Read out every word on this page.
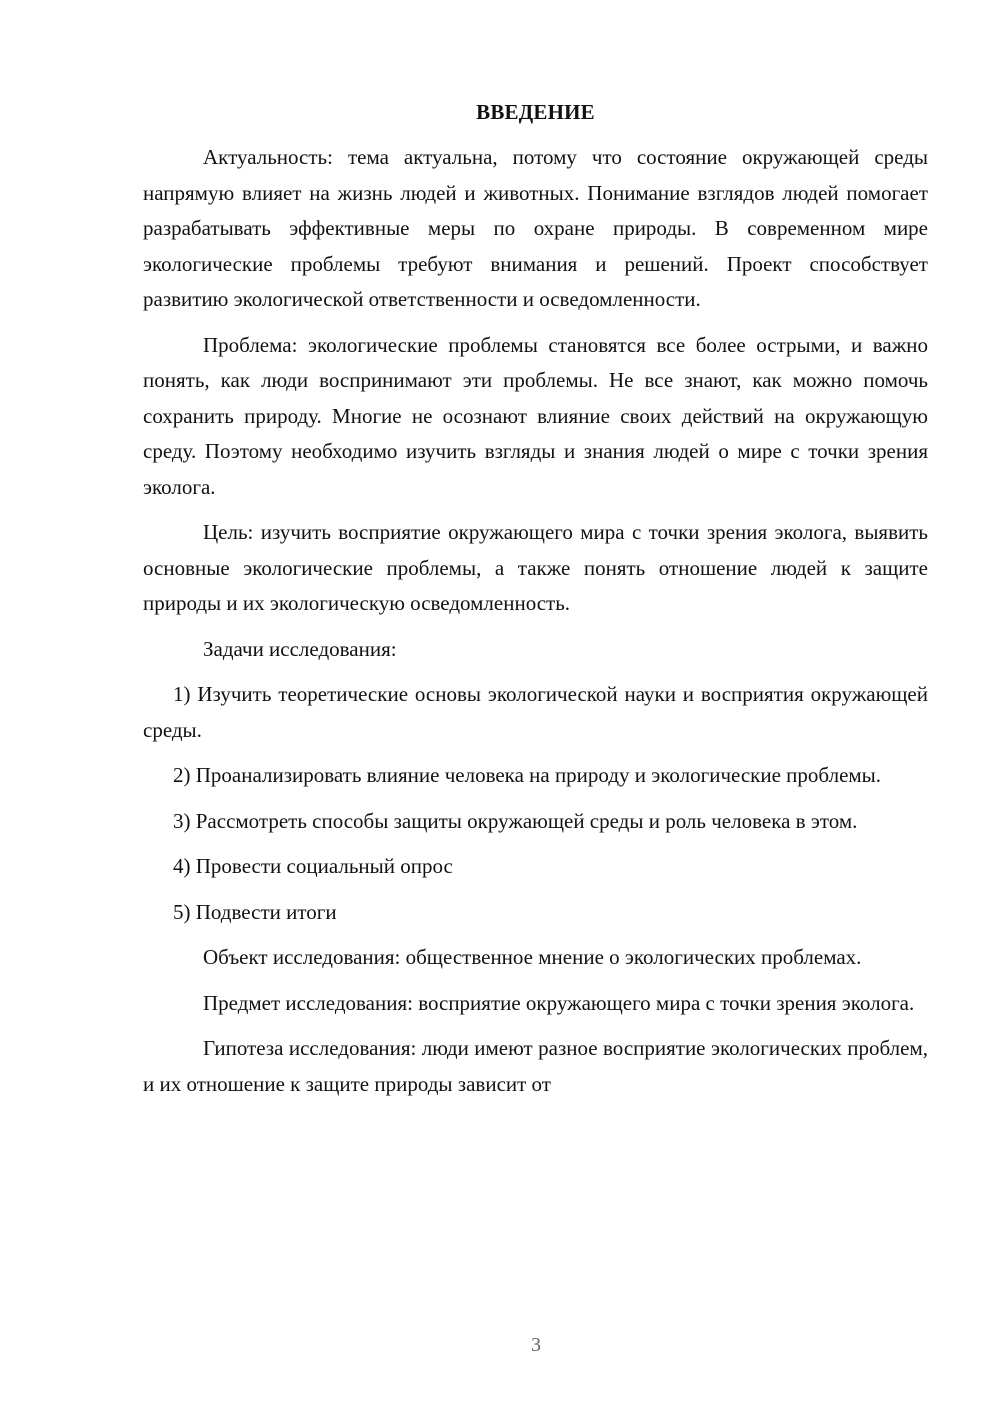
ВВЕДЕНИЕ

Актуальность: тема актуальна, потому что состояние окружающей среды напрямую влияет на жизнь людей и животных. Понимание взглядов людей помогает разрабатывать эффективные меры по охране природы. В современном мире экологические проблемы требуют внимания и решений. Проект способствует развитию экологической ответственности и осведомленности.

Проблема: экологические проблемы становятся все более острыми, и важно понять, как люди воспринимают эти проблемы. Не все знают, как можно помочь сохранить природу. Многие не осознают влияние своих действий на окружающую среду. Поэтому необходимо изучить взгляды и знания людей о мире с точки зрения эколога.

Цель: изучить восприятие окружающего мира с точки зрения эколога, выявить основные экологические проблемы, а также понять отношение людей к защите природы и их экологическую осведомленность.

Задачи исследования:

1) Изучить теоретические основы экологической науки и восприятия окружающей среды.

2) Проанализировать влияние человека на природу и экологические проблемы.

3) Рассмотреть способы защиты окружающей среды и роль человека в этом.

4) Провести социальный опрос

5) Подвести итоги

Объект исследования: общественное мнение о экологических проблемах.

Предмет исследования: восприятие окружающего мира с точки зрения эколога.

Гипотеза исследования: люди имеют разное восприятие экологических проблем, и их отношение к защите природы зависит от

3
